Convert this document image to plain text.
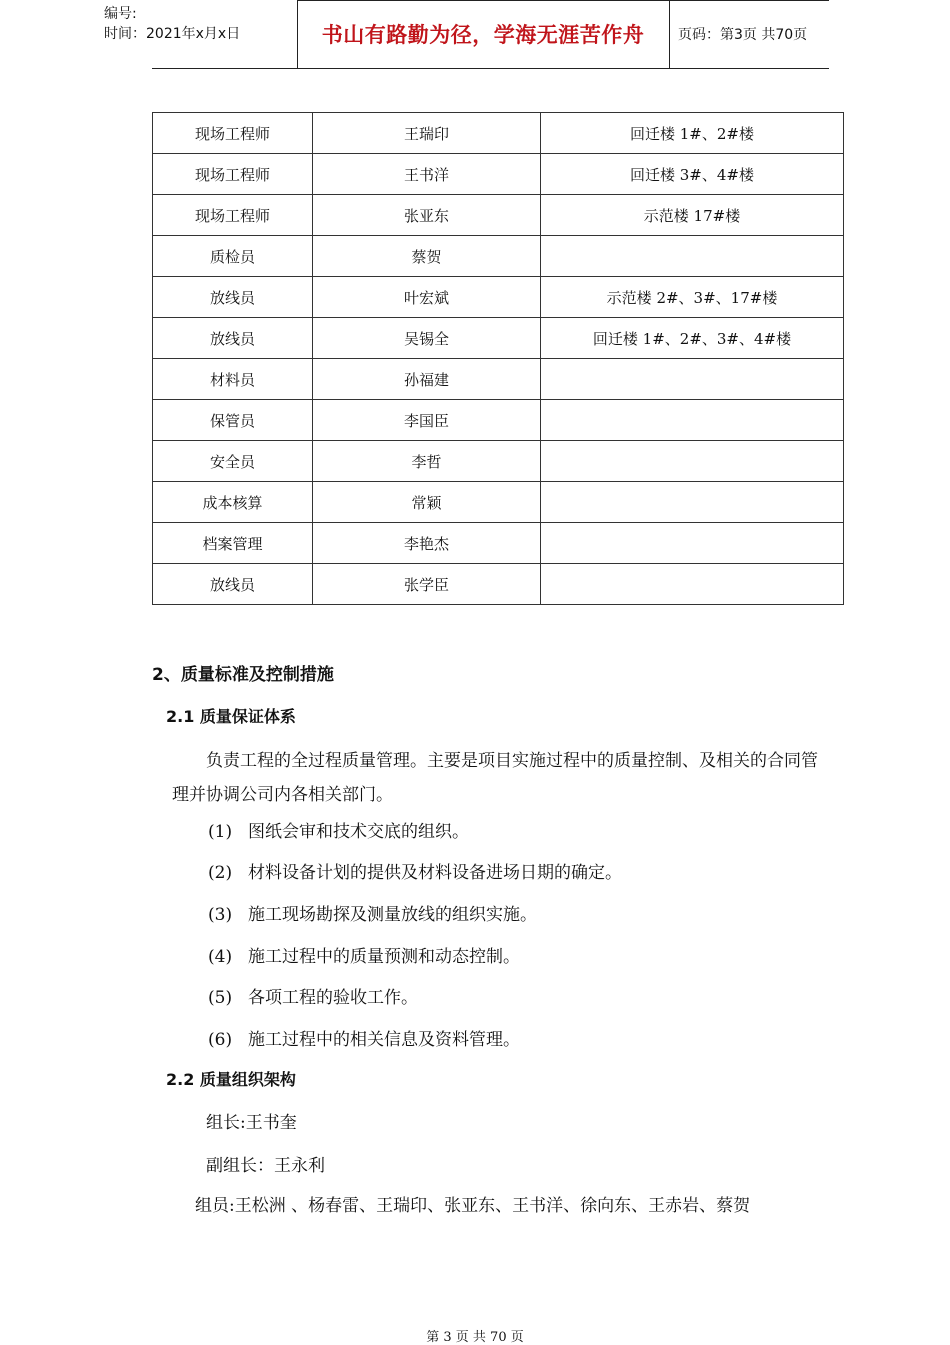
编号:
时间：2021年x月x日	书山有路勤为径，学海无涯苦作舟	页码：第3页 共70页
现场工程师	王瑞印	回迁楼 1#、2#楼
现场工程师	王书洋	回迁楼 3#、4#楼
现场工程师	张亚东	示范楼 17#楼
质检员	蔡贺	
放线员	叶宏斌	示范楼 2#、3#、17#楼
放线员	吴锡全	回迁楼 1#、2#、3#、4#楼
材料员	孙福建	
保管员	李国臣	
安全员	李哲	
成本核算	常颖	
档案管理	李艳杰	
放线员	张学臣	
2、质量标准及控制措施
2.1 质量保证体系
负责工程的全过程质量管理。主要是项目实施过程中的质量控制、及相关的合同管理并协调公司内各相关部门。
(1) 图纸会审和技术交底的组织。
(2) 材料设备计划的提供及材料设备进场日期的确定。
(3) 施工现场勘探及测量放线的组织实施。
(4) 施工过程中的质量预测和动态控制。
(5) 各项工程的验收工作。
(6) 施工过程中的相关信息及资料管理。
2.2 质量组织架构
组长:王书奎
副组长：王永利
组员:王松洲 、杨春雷、王瑞印、张亚东、王书洋、徐向东、王赤岩、蔡贺
第 3 页 共 70 页
